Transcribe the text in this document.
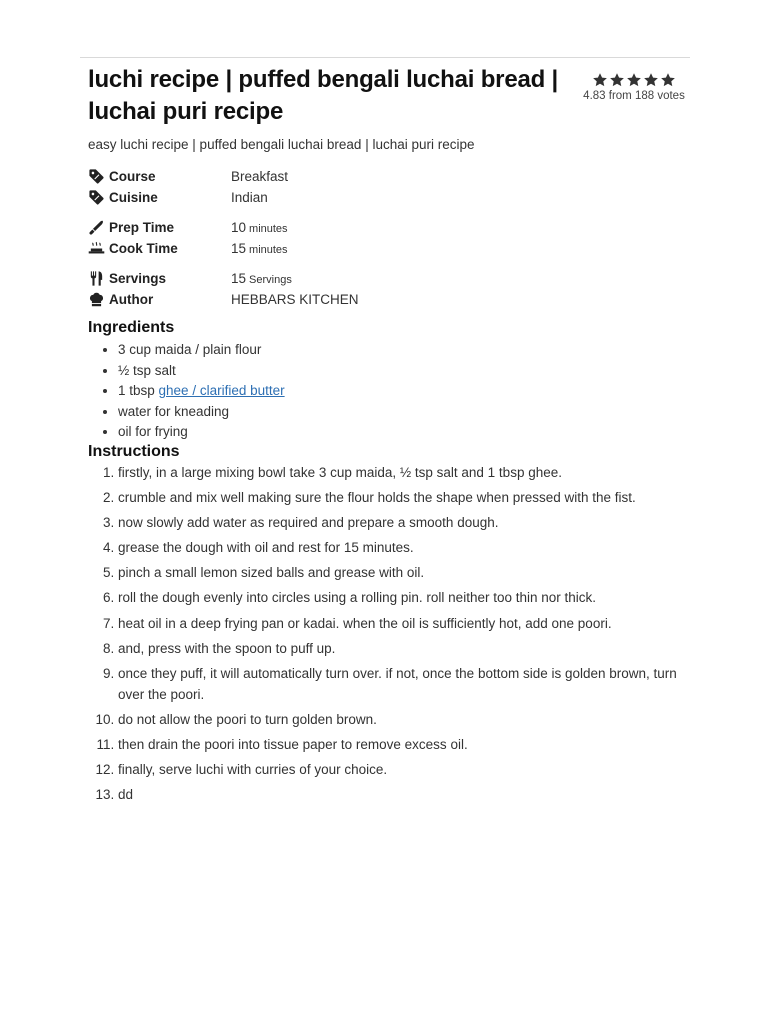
luchi recipe | puffed bengali luchai bread | luchai puri recipe
4.83 from 188 votes
easy luchi recipe | puffed bengali luchai bread | luchai puri recipe
Course	Breakfast
Cuisine	Indian
Prep Time	10 minutes
Cook Time	15 minutes
Servings	15 Servings
Author	HEBBARS KITCHEN
Ingredients
• 3 cup maida / plain flour
• ½ tsp salt
• 1 tbsp ghee / clarified butter
• water for kneading
• oil for frying
Instructions
1. firstly, in a large mixing bowl take 3 cup maida, ½ tsp salt and 1 tbsp ghee.
2. crumble and mix well making sure the flour holds the shape when pressed with the fist.
3. now slowly add water as required and prepare a smooth dough.
4. grease the dough with oil and rest for 15 minutes.
5. pinch a small lemon sized balls and grease with oil.
6. roll the dough evenly into circles using a rolling pin. roll neither too thin nor thick.
7. heat oil in a deep frying pan or kadai. when the oil is sufficiently hot, add one poori.
8. and, press with the spoon to puff up.
9. once they puff, it will automatically turn over. if not, once the bottom side is golden brown, turn over the poori.
10. do not allow the poori to turn golden brown.
11. then drain the poori into tissue paper to remove excess oil.
12. finally, serve luchi with curries of your choice.
13. dd
